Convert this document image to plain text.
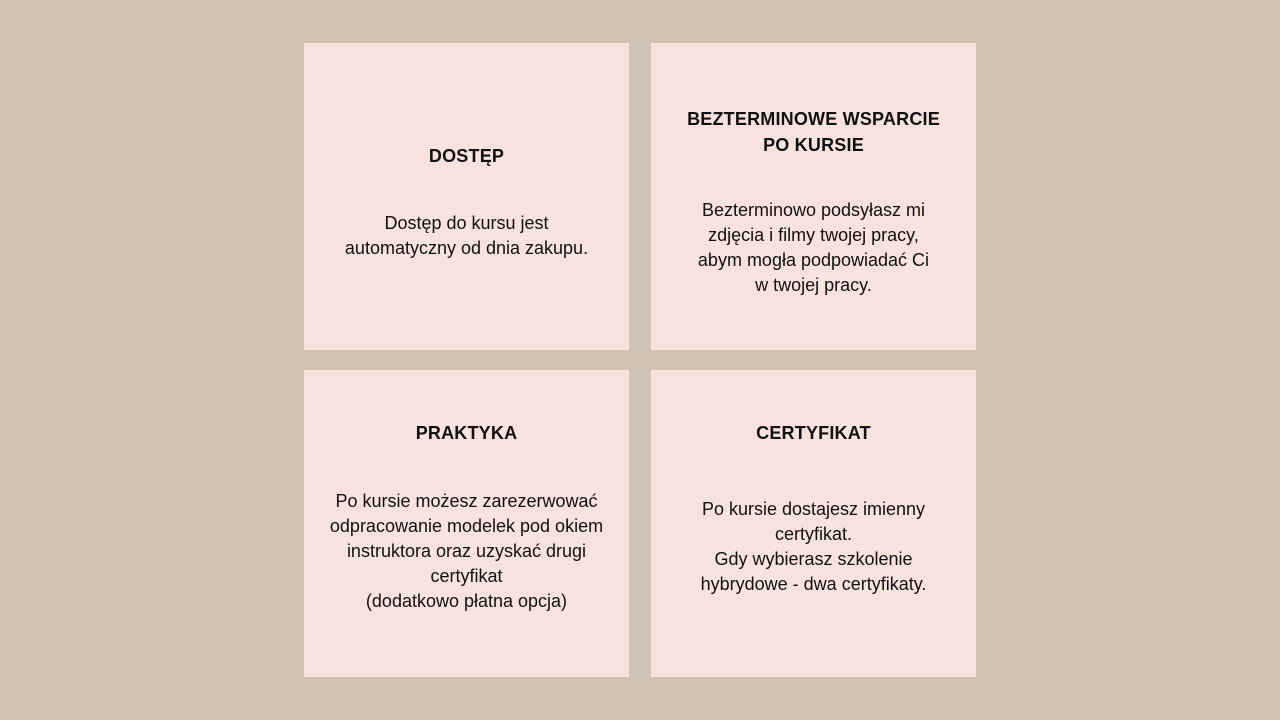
DOSTĘP
Dostęp do kursu jest
automatyczny od dnia zakupu.
BEZTERMINOWE WSPARCIE
PO KURSIE
Bezterminowo podsyłasz mi
zdjęcia i filmy twojej pracy,
abym mogła podpowiadać Ci
w twojej pracy.
PRAKTYKA
Po kursie możesz zarezerwować
odpracowanie modelek pod okiem
instruktora oraz uzyskać drugi
certyfikat
(dodatkowo płatna opcja)
CERTYFIKAT
Po kursie dostajesz imienny
certyfikat.
Gdy wybierasz szkolenie
hybrydowe - dwa certyfikaty.
